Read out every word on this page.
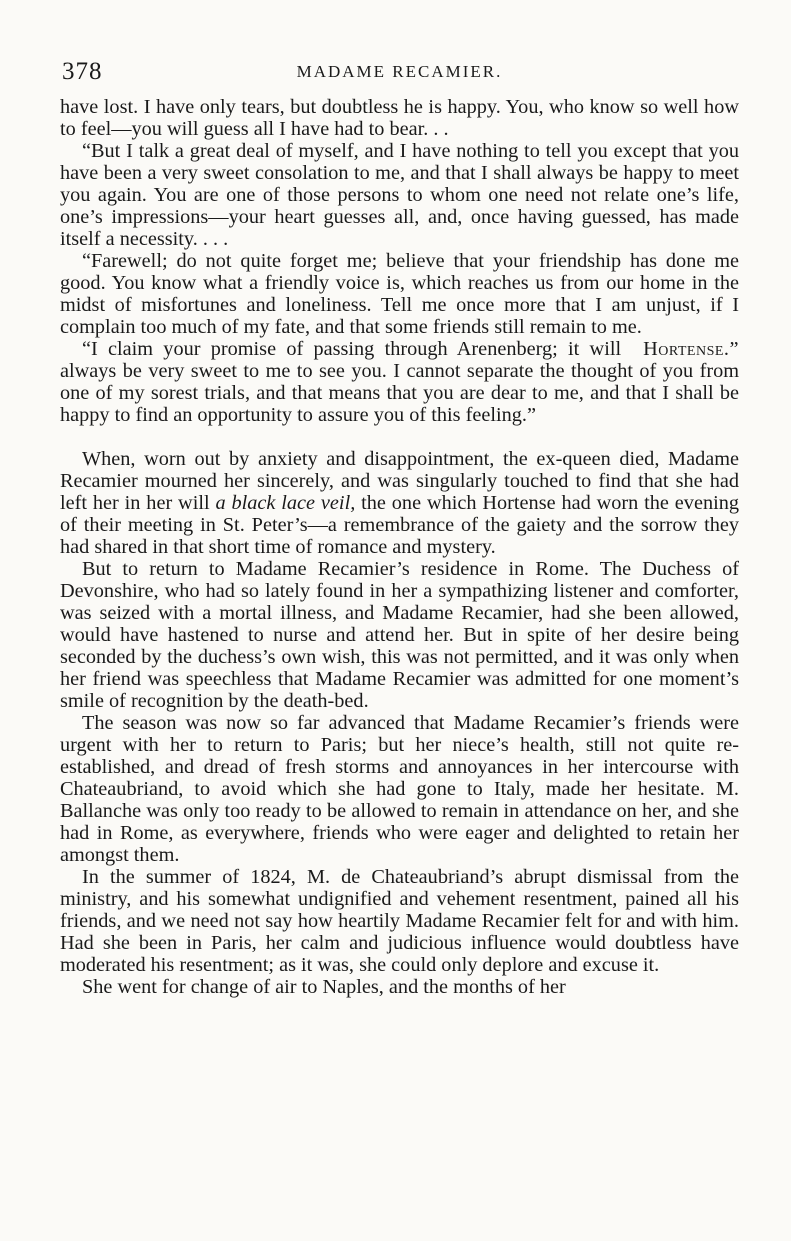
378	MADAME RECAMIER.

have lost. I have only tears, but doubtless he is happy. You, who know so well how to feel—you will guess all I have had to bear. . .

“But I talk a great deal of myself, and I have nothing to tell you except that you have been a very sweet consolation to me, and that I shall always be happy to meet you again. You are one of those persons to whom one need not relate one’s life, one’s impressions—your heart guesses all, and, once having guessed, has made itself a necessity. . . .

“Farewell; do not quite forget me; believe that your friendship has done me good. You know what a friendly voice is, which reaches us from our home in the midst of misfortunes and loneliness. Tell me once more that I am unjust, if I complain too much of my fate, and that some friends still remain to me.
Hortense.”

“I claim your promise of passing through Arenenberg; it will always be very sweet to me to see you. I cannot separate the thought of you from one of my sorest trials, and that means that you are dear to me, and that I shall be happy to find an opportunity to assure you of this feeling.”

When, worn out by anxiety and disappointment, the ex-queen died, Madame Recamier mourned her sincerely, and was singularly touched to find that she had left her in her will a black lace veil, the one which Hortense had worn the evening of their meeting in St. Peter’s—a remembrance of the gaiety and the sorrow they had shared in that short time of romance and mystery.

But to return to Madame Recamier’s residence in Rome. The Duchess of Devonshire, who had so lately found in her a sympathizing listener and comforter, was seized with a mortal illness, and Madame Recamier, had she been allowed, would have hastened to nurse and attend her. But in spite of her desire being seconded by the duchess’s own wish, this was not permitted, and it was only when her friend was speechless that Madame Recamier was admitted for one moment’s smile of recognition by the death-bed.

The season was now so far advanced that Madame Recamier’s friends were urgent with her to return to Paris; but her niece’s health, still not quite re-established, and dread of fresh storms and annoyances in her intercourse with Chateaubriand, to avoid which she had gone to Italy, made her hesitate. M. Ballanche was only too ready to be allowed to remain in attendance on her, and she had in Rome, as everywhere, friends who were eager and delighted to retain her amongst them.

In the summer of 1824, M. de Chateaubriand’s abrupt dismissal from the ministry, and his somewhat undignified and vehement resentment, pained all his friends, and we need not say how heartily Madame Recamier felt for and with him. Had she been in Paris, her calm and judicious influence would doubtless have moderated his resentment; as it was, she could only deplore and excuse it.

She went for change of air to Naples, and the months of her
